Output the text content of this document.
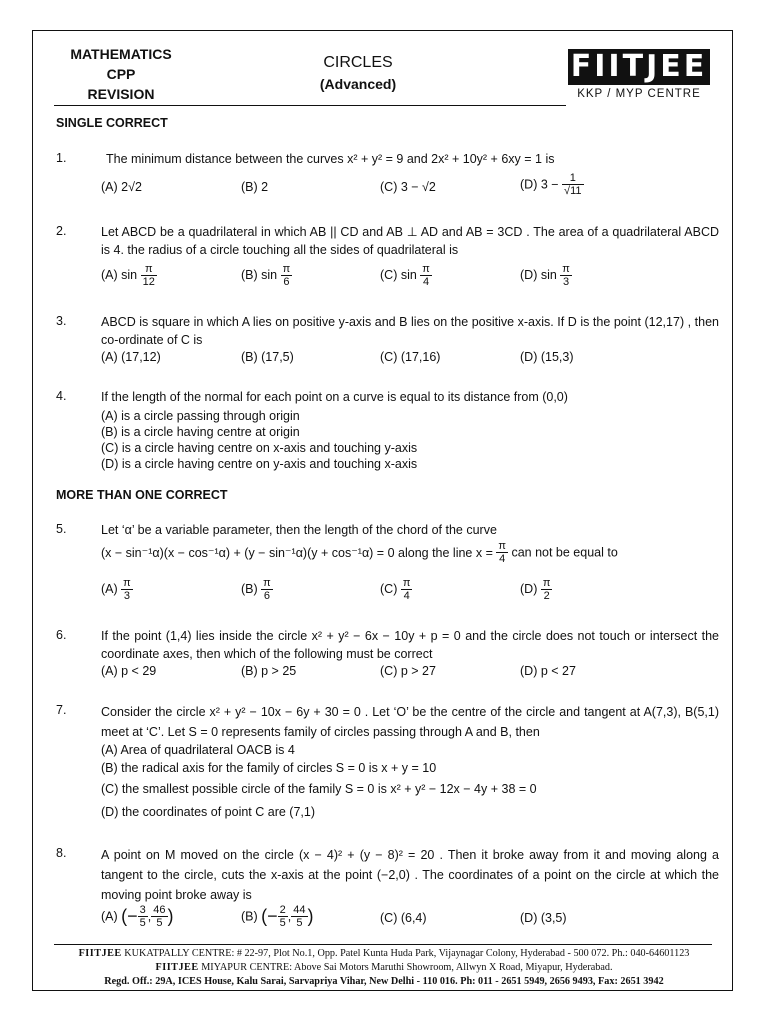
MATHEMATICS
CPP
REVISION
CIRCLES
(Advanced)	FIITJEE
KKP / MYP CENTRE
SINGLE CORRECT
1.	The minimum distance between the curves x² + y² = 9 and 2x² + 10y² + 6xy = 1 is
(A) 2√2	(B) 2	(C) 3 − √2	(D) $3 - \frac{1}{√11}$
2.	Let ABCD be a quadrilateral in which AB || CD and AB ⊥ AD and AB = 3CD . The area of a quadrilateral ABCD is 4. the radius of a circle touching all the sides of quadrilateral is
(A) $\sin \frac{\pi}{12}$	(B) $\sin \frac{\pi}{6}$	(C) $\sin \frac{\pi}{4}$	(D) $\sin \frac{\pi}{3}$
3.	ABCD is square in which A lies on positive y-axis and B lies on the positive x-axis. If D is the point (12,17) , then co-ordinate of C is
(A) (17,12)	(B) (17,5)	(C) (17,16)	(D) (15,3)
4.	If the length of the normal for each point on a curve is equal to its distance from (0,0)
(A) is a circle passing through origin
(B) is a circle having centre at origin
(C) is a circle having centre on x-axis and touching y-axis
(D) is a circle having centre on y-axis and touching x-axis
MORE THAN ONE CORRECT
5.	Let ‘α’ be a variable parameter, then the length of the chord of the curve
(x − sin⁻¹α)(x − cos⁻¹α) + (y − sin⁻¹α)(y + cos⁻¹α) = 0 along the line $x = \frac{\pi}{4}$ can not be equal to
$(A) \frac{\pi}{3}$	$(B) \frac{\pi}{6}$	$(C) \frac{\pi}{4}$	$(D) \frac{\pi}{2}$
6.	If the point (1,4) lies inside the circle x² + y² − 6x − 10y + p = 0 and the circle does not touch or intersect the coordinate axes, then which of the following must be correct
(A) p < 29	(B) p > 25	(C) p > 27	(D) p < 27
7.	Consider the circle x² + y² − 10x − 6y + 30 = 0 . Let ‘O’ be the centre of the circle and tangent at A(7,3), B(5,1) meet at ‘C’. Let S = 0 represents family of circles passing through A and B, then
(A) Area of quadrilateral OACB is 4
(B) the radical axis for the family of circles S = 0 is x + y = 10
(C) the smallest possible circle of the family S = 0 is x² + y² − 12x − 4y + 38 = 0
(D) the coordinates of point C are (7,1)
8.	A point on M moved on the circle (x − 4)² + (y − 8)² = 20 . Then it broke away from it and moving along a tangent to the circle, cuts the x-axis at the point (−2,0) . The coordinates of a point on the circle at which the moving point broke away is
(A) (− $\frac{3}{5}$ , $\frac{46}{5}$ )	(B) (− $\frac{2}{5}$ , $\frac{44}{5}$ )	(C) (6,4)	(D) (3,5)
FIITJEE KUKATPALLY CENTRE: # 22-97, Plot No.1, Opp. Patel Kunta Huda Park, Vijaynagar Colony, Hyderabad - 500 072. Ph.: 040-64601123
FIITJEE MIYAPUR CENTRE: Above Sai Motors Maruthi Showroom, Allwyn X Road, Miyapur, Hyderabad.
Regd. Off.: 29A, ICES House, Kalu Sarai, Sarvapriya Vihar, New Delhi - 110 016. Ph: 011 - 2651 5949, 2656 9493, Fax: 2651 3942
